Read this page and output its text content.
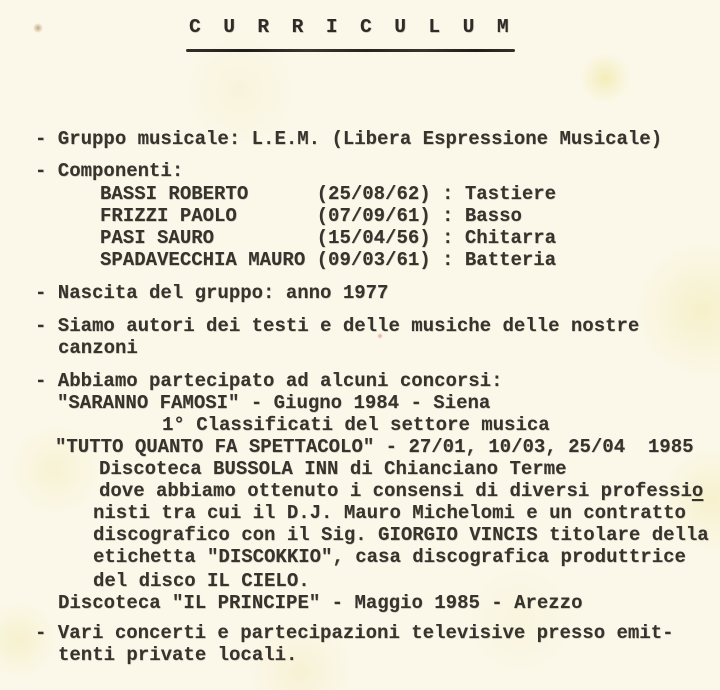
C U R R I C U L U M
- Gruppo musicale: L.E.M. (Libera Espressione Musicale)
- Componenti:
BASSI ROBERTO      (25/08/62) : Tastiere
FRIZZI PAOLO       (07/09/61) : Basso
PASI SAURO         (15/04/56) : Chitarra
SPADAVECCHIA MAURO (09/03/61) : Batteria
- Nascita del gruppo: anno 1977
- Siamo autori dei testi e delle musiche delle nostre
canzoni
- Abbiamo partecipato ad alcuni concorsi:
"SARANNO FAMOSI" - Giugno 1984 - Siena
1° Classificati del settore musica
"TUTTO QUANTO FA SPETTACOLO" - 27/01, 10/03, 25/04  1985
Discoteca BUSSOLA INN di Chianciano Terme
dove abbiamo ottenuto i consensi di diversi professio
nisti tra cui il D.J. Mauro Michelomi e un contratto
discografico con il Sig. GIORGIO VINCIS titolare della
etichetta "DISCOKKIO", casa discografica produttrice
del disco IL CIELO.
Discoteca "IL PRINCIPE" - Maggio 1985 - Arezzo
- Vari concerti e partecipazioni televisive presso emit-
tenti private locali.
